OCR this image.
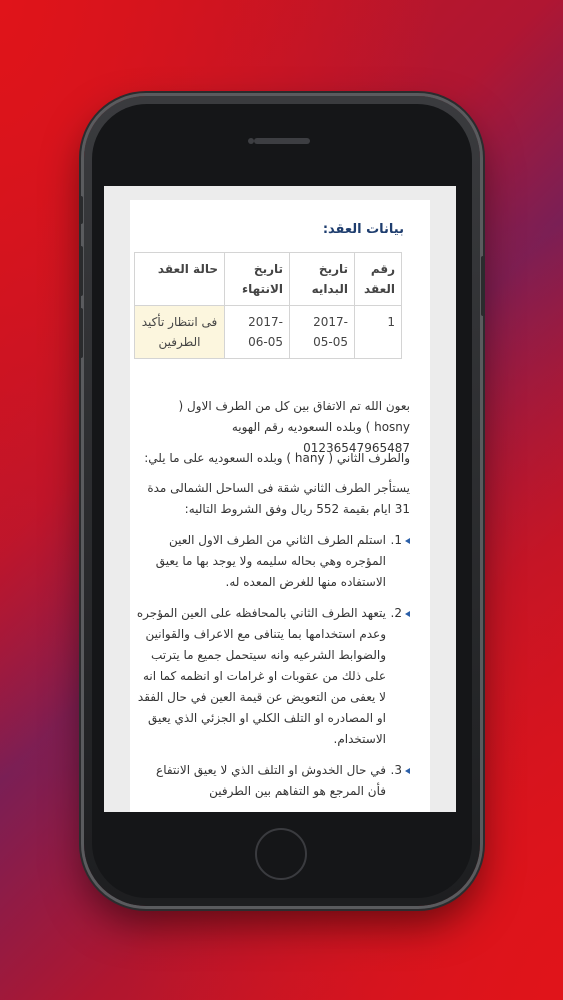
بيانات العقد:
رقم العقد	تاريخ البدايه	تاريخ الانتهاء	حالة العقد
1	2017-05-05	2017-06-05	فى انتظار تأكيد الطرفين

بعون الله تم الاتفاق بين كل من الطرف الاول ( hosny ) وبلده السعوديه رقم الهويه 01236547965487

والطرف الثاني ( hany ) وبلده السعوديه على ما يلي:

يستأجر الطرف الثاني شقة فى الساحل الشمالى مدة 31 ايام بقيمة 552 ريال وفق الشروط التاليه:

1.
استلم الطرف الثاني من الطرف الاول العين المؤجره وهي بحاله سليمه ولا يوجد بها ما يعيق الاستفاده منها للغرض المعده له.
2.
يتعهد الطرف الثاني بالمحافظه على العين المؤجره وعدم استخدامها بما يتنافى مع الاعراف والقوانين والضوابط الشرعيه وانه سيتحمل جميع ما يترتب على ذلك من عقوبات او غرامات او انظمه كما انه لا يعفى من التعويض عن قيمة العين في حال الفقد او المصادره او التلف الكلي او الجزئي الذي يعيق الاستخدام.
3.
في حال الخدوش او التلف الذي لا يعيق الانتفاع فأن المرجع هو التفاهم بين الطرفين
